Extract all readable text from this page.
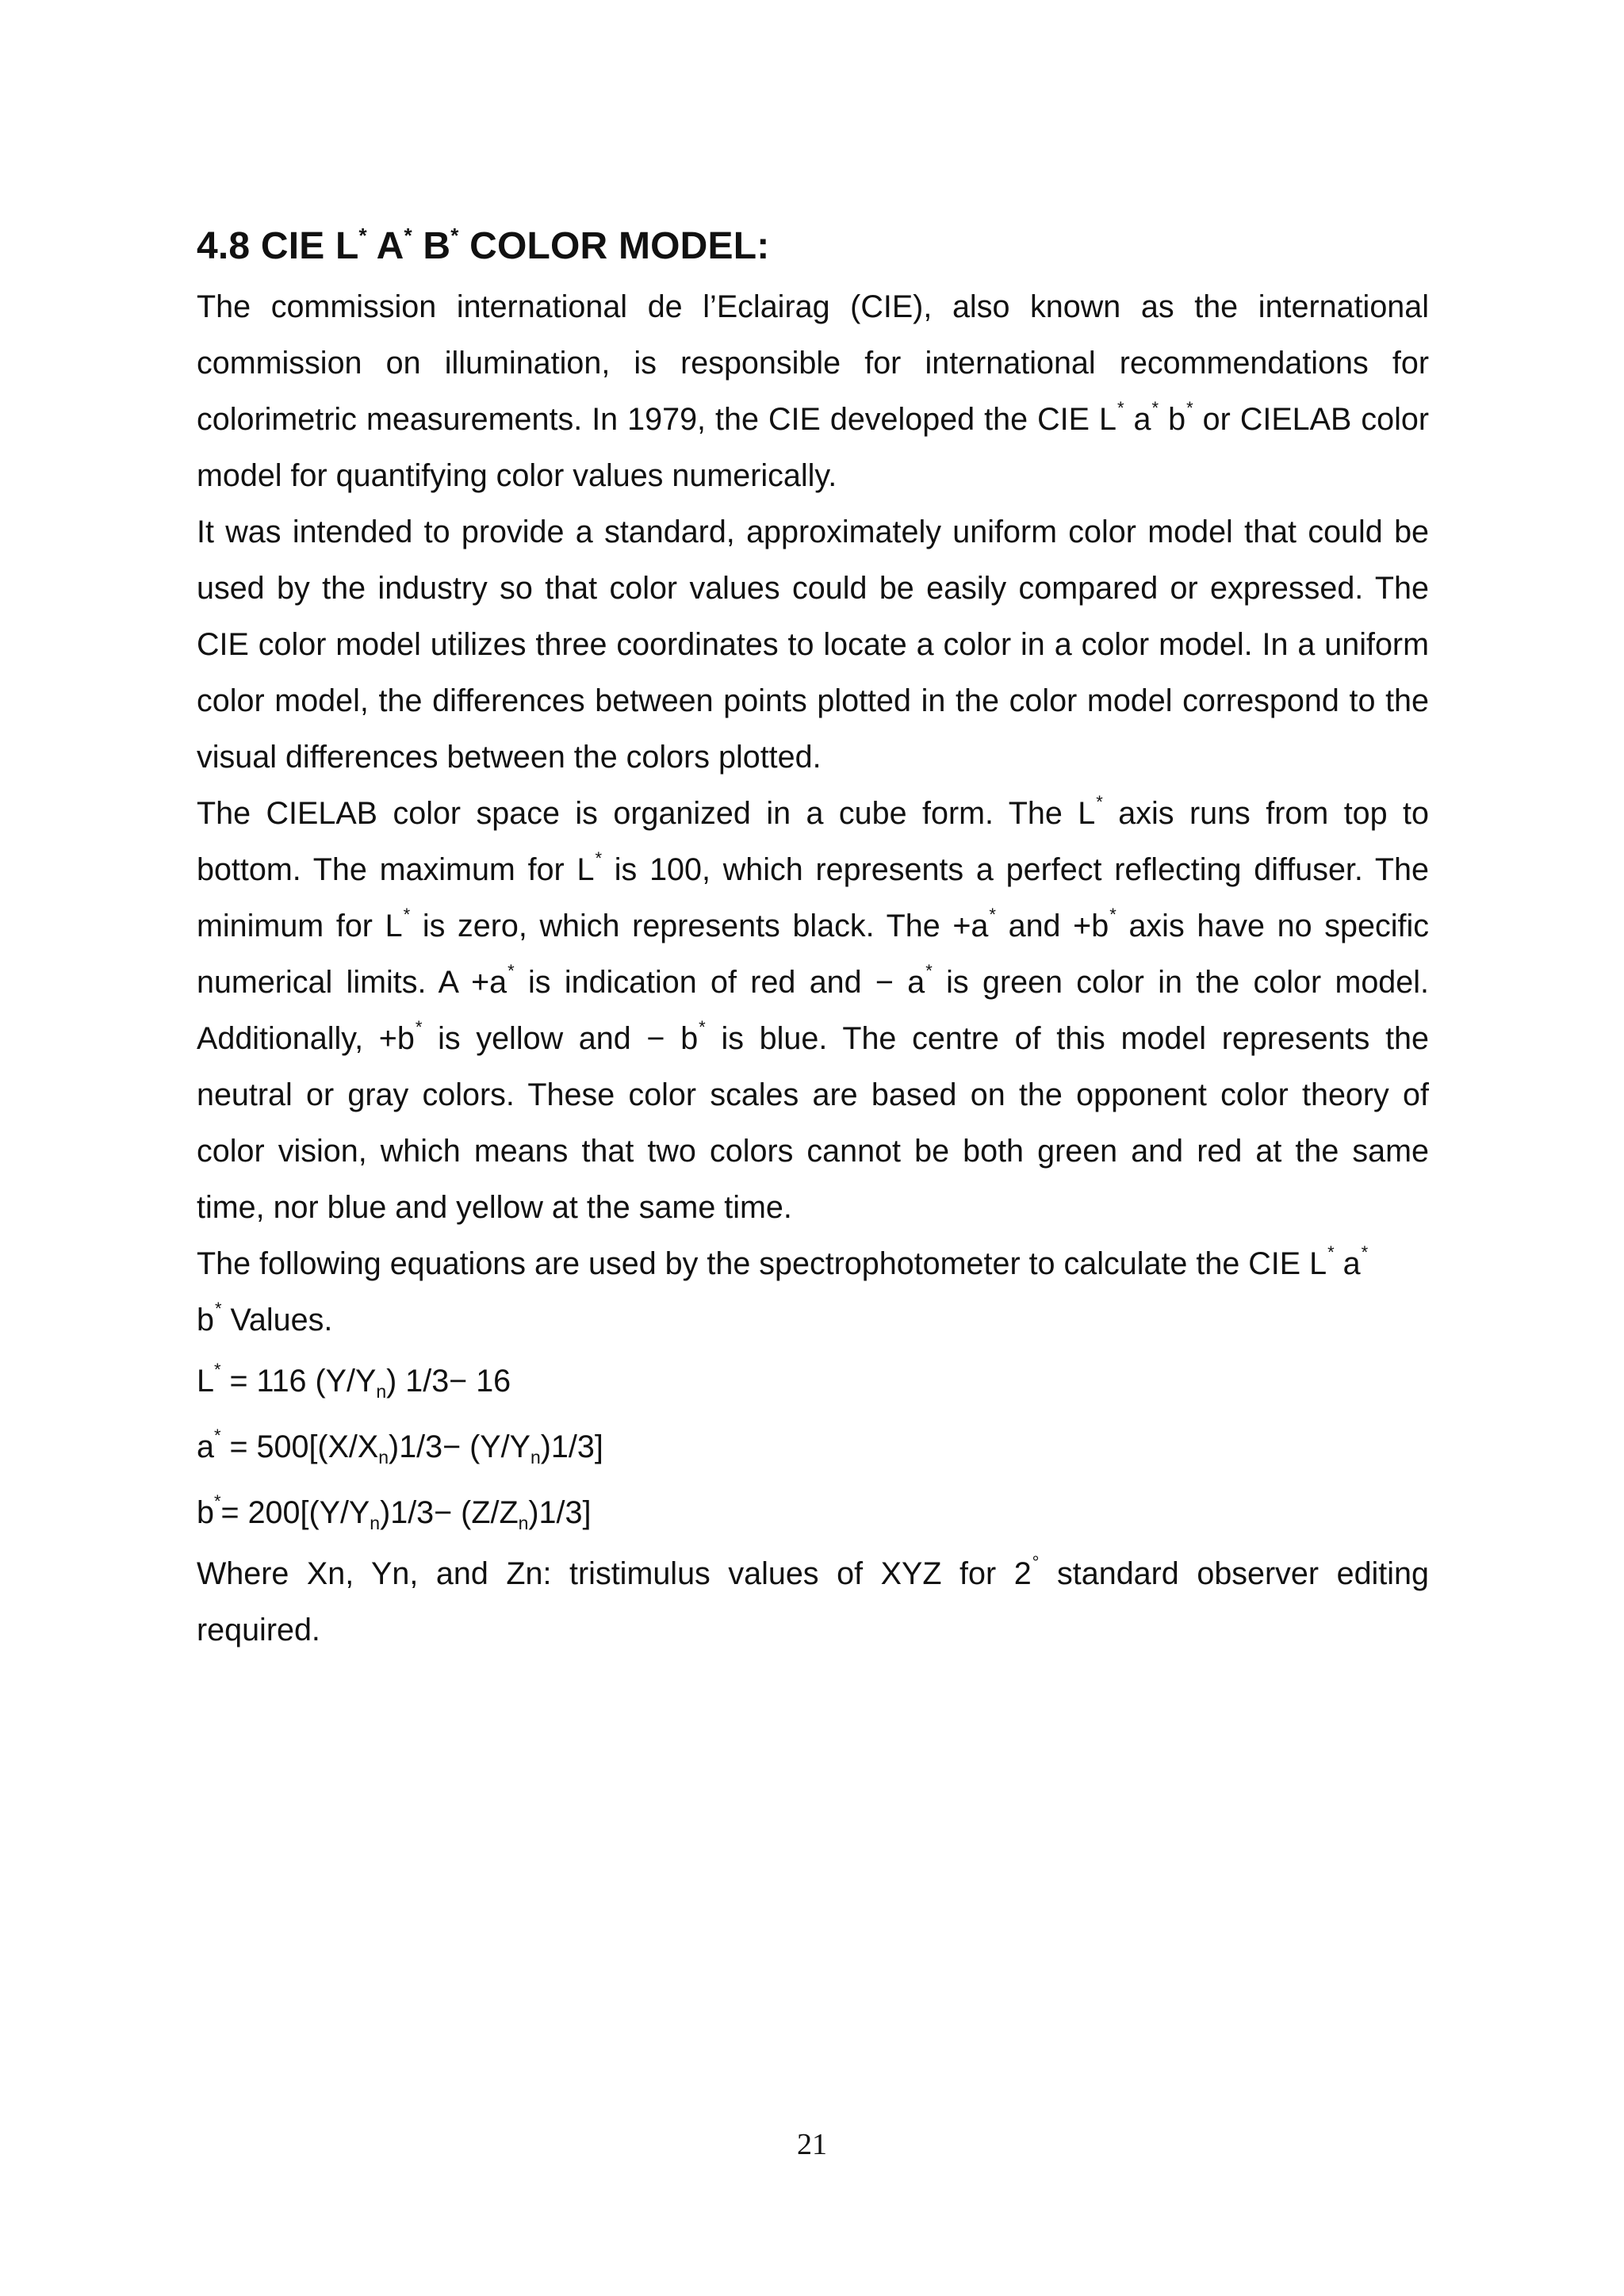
4.8 CIE L* A* B* COLOR MODEL:

The commission international de l’Eclairag (CIE), also known as the international commission on illumination, is responsible for international recommendations for colorimetric measurements. In 1979, the CIE developed the CIE L* a* b* or CIELAB color model for quantifying color values numerically.

It was intended to provide a standard, approximately uniform color model that could be used by the industry so that color values could be easily compared or expressed. The CIE color model utilizes three coordinates to locate a color in a color model. In a uniform color model, the differences between points plotted in the color model correspond to the visual differences between the colors plotted.

The CIELAB color space is organized in a cube form. The L* axis runs from top to bottom. The maximum for L* is 100, which represents a perfect reflecting diffuser. The minimum for L* is zero, which represents black. The +a* and +b* axis have no specific numerical limits. A +a* is indication of red and − a* is green color in the color model. Additionally, +b* is yellow and − b* is blue. The centre of this model represents the neutral or gray colors. These color scales are based on the opponent color theory of color vision, which means that two colors cannot be both green and red at the same time, nor blue and yellow at the same time.

The following equations are used by the spectrophotometer to calculate the CIE L* a*
b* Values.

L* = 116 $(Y/Y_n)$ 1/3− 16

$a^* = 500[(X/X_n)1/3- (Y/Y_n)1/3]$

$b^*= 200[(Y/Y_n)1/3- (Z/Z_n)1/3]$

Where Xn, Yn, and Zn: tristimulus values of XYZ for 2° standard observer editing required.

21
